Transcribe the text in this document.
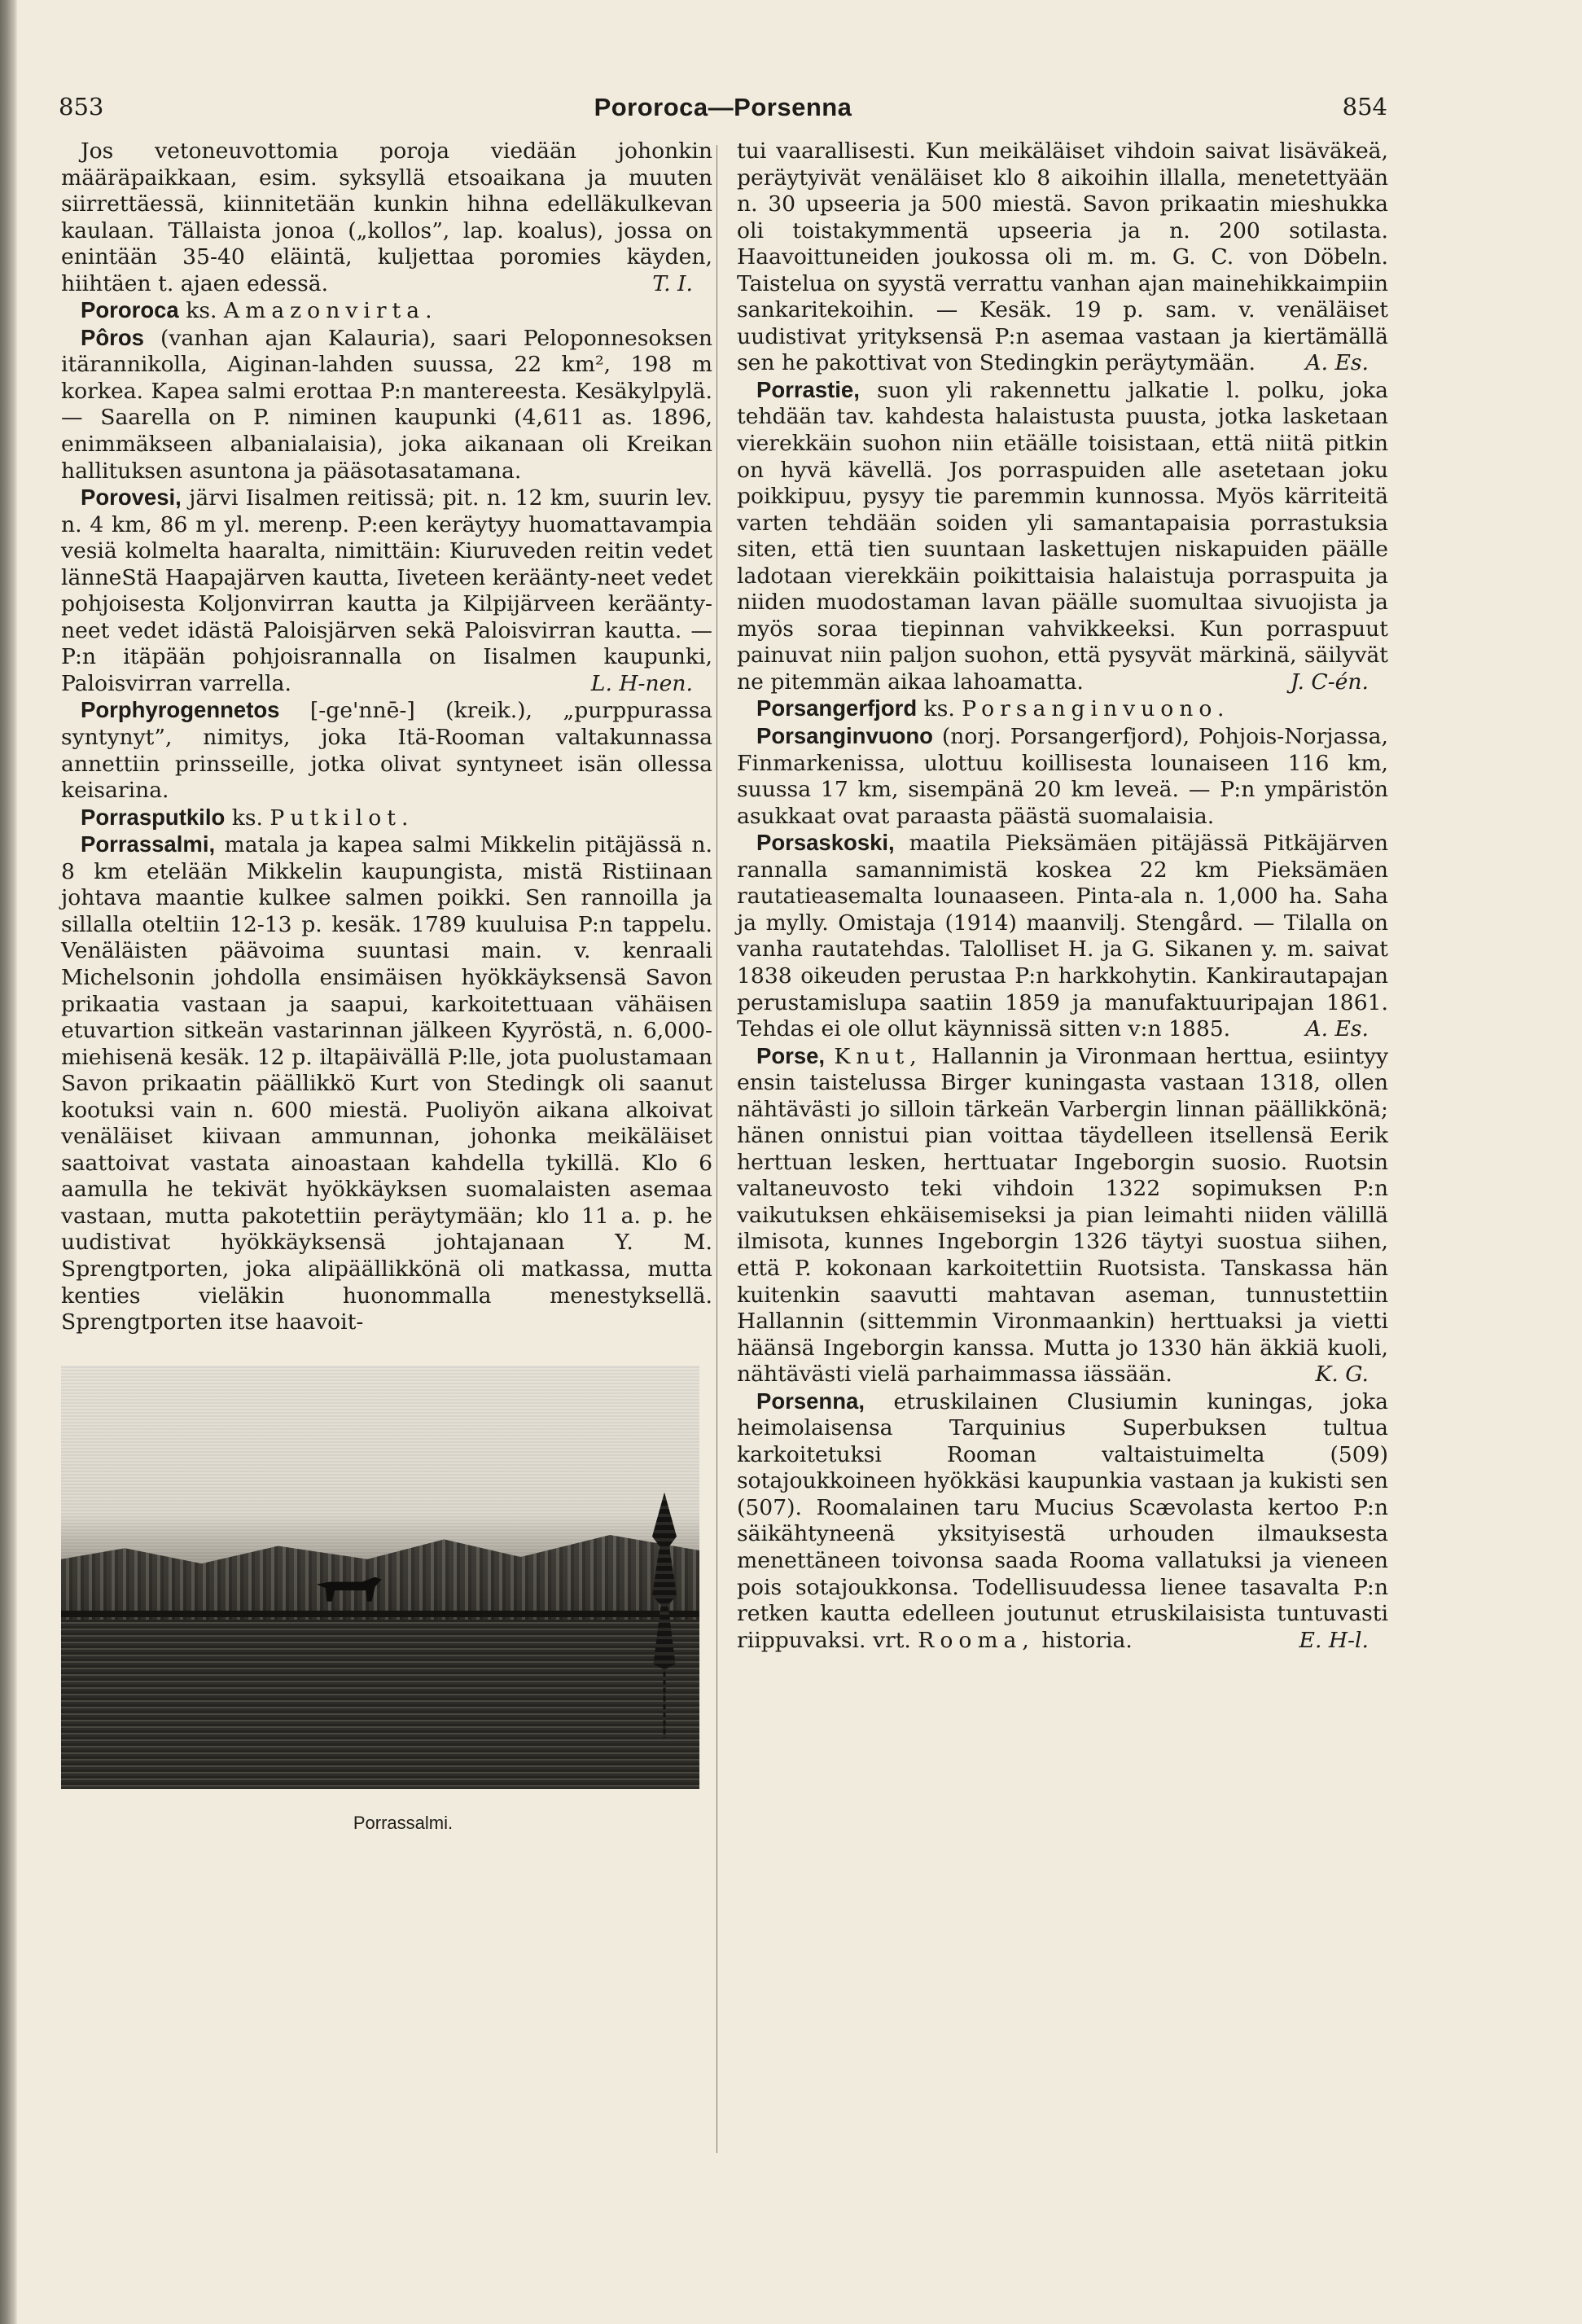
853	Pororoca—Porsenna	854

Jos vetoneuvottomia poroja viedään johonkin määräpaikkaan, esim. syksyllä etsoaikana ja muuten siirrettäessä, kiinnitetään kunkin hihna edelläkulkevan kaulaan. Tällaista jonoa („kollos”, lap. koalus), jossa on enintään 35-40 eläintä, kuljettaa poromies käyden, hiihtäen t. ajaen edessä.	T. I.

Pororoca ks. Amazonvirta.

Pôros (vanhan ajan Kalauria), saari Peloponnesoksen itärannikolla, Aiginan-lahden suussa, 22 km², 198 m korkea. Kapea salmi erottaa P:n mantereesta. Kesäkylpylä. — Saarella on P. niminen kaupunki (4,611 as. 1896, enimmäkseen albanialaisia), joka aikanaan oli Kreikan hallituksen asuntona ja pääsotasatamana.

Porovesi, järvi Iisalmen reitissä; pit. n. 12 km, suurin lev. n. 4 km, 86 m yl. merenp. P:een keräytyy huomattavampia vesiä kolmelta haaralta, nimittäin: Kiuruveden reitin vedet länneStä Haapajärven kautta, Iiveteen keräänty-neet vedet pohjoisesta Koljonvirran kautta ja Kilpijärveen keräänty-neet vedet idästä Paloisjärven sekä Paloisvirran kautta. — P:n itäpään pohjoisrannalla on Iisalmen kaupunki, Paloisvirran varrella.	L. H-nen.

Porphyrogennetos [-ge'nnē-] (kreik.), „purppurassa syntynyt”, nimitys, joka Itä-Rooman valtakunnassa annettiin prinsseille, jotka olivat syntyneet isän ollessa keisarina.

Porrasputkilo ks. Putkilot.

Porrassalmi, matala ja kapea salmi Mikkelin pitäjässä n. 8 km etelään Mikkelin kaupungista, mistä Ristiinaan johtava maantie kulkee salmen poikki. Sen rannoilla ja sillalla oteltiin 12-13 p. kesäk. 1789 kuuluisa P:n tappelu. Venäläisten päävoima suuntasi main. v. kenraali Michelsonin johdolla ensimäisen hyökkäyksensä Savon prikaatia vastaan ja saapui, karkoitettuaan vähäisen etuvartion sitkeän vastarinnan jälkeen Kyyröstä, n. 6,000-miehisenä kesäk. 12 p. iltapäivällä P:lle, jota puolustamaan Savon prikaatin päällikkö Kurt von Stedingk oli saanut kootuksi vain n. 600 miestä. Puoliyön aikana alkoivat venäläiset kiivaan ammunnan, johonka meikäläiset saattoivat vastata ainoastaan kahdella tykillä. Klo 6 aamulla he tekivät hyökkäyksen suomalaisten asemaa vastaan, mutta pakotettiin peräytymään; klo 11 a. p. he uudistivat hyökkäyksensä johtajanaan Y. M. Sprengtporten, joka alipäällikkönä oli matkassa, mutta kenties vieläkin huonommalla menestyksellä. Sprengtporten itse haavoit-

Porrassalmi.

tui vaarallisesti. Kun meikäläiset vihdoin saivat lisäväkeä, peräytyivät venäläiset klo 8 aikoihin illalla, menetettyään n. 30 upseeria ja 500 miestä. Savon prikaatin mieshukka oli toistakymmentä upseeria ja n. 200 sotilasta. Haavoittuneiden joukossa oli m. m. G. C. von Döbeln. Taistelua on syystä verrattu vanhan ajan mainehikkaimpiin sankaritekoihin. — Kesäk. 19 p. sam. v. venäläiset uudistivat yrityksensä P:n asemaa vastaan ja kiertämällä sen he pakottivat von Stedingkin peräytymään. A. Es.

Porrastie, suon yli rakennettu jalkatie l. polku, joka tehdään tav. kahdesta halaistusta puusta, jotka lasketaan vierekkäin suohon niin etäälle toisistaan, että niitä pitkin on hyvä kävellä. Jos porraspuiden alle asetetaan joku poikkipuu, pysyy tie paremmin kunnossa. Myös kärriteitä varten tehdään soiden yli samantapaisia porrastuksia siten, että tien suuntaan laskettujen niskapuiden päälle ladotaan vierekkäin poikittaisia halaistuja porraspuita ja niiden muodostaman lavan päälle suomultaa sivuojista ja myös soraa tiepinnan vahvikkeeksi. Kun porraspuut painuvat niin paljon suohon, että pysyvät märkinä, säilyvät ne pitemmän aikaa lahoamatta.	J. C-én.

Porsangerfjord ks. Porsanginvuono.

Porsanginvuono (norj. Porsangerfjord), Pohjois-Norjassa, Finmarkenissa, ulottuu koillisesta lounaiseen 116 km, suussa 17 km, sisempänä 20 km leveä. — P:n ympäristön asukkaat ovat paraasta päästä suomalaisia.

Porsaskoski, maatila Pieksämäen pitäjässä Pitkäjärven rannalla samannimistä koskea 22 km Pieksämäen rautatieasemalta lounaaseen. Pinta-ala n. 1,000 ha. Saha ja mylly. Omistaja (1914) maanvilj. Stengård. — Tilalla on vanha rautatehdas. Talolliset H. ja G. Sikanen y. m. saivat 1838 oikeuden perustaa P:n harkkohytin. Kankirautapajan perustamislupa saatiin 1859 ja manufaktuuripajan 1861. Tehdas ei ole ollut käynnissä sitten v:n 1885.	A. Es.

Porse, Knut, Hallannin ja Vironmaan herttua, esiintyy ensin taistelussa Birger kuningasta vastaan 1318, ollen nähtävästi jo silloin tärkeän Varbergin linnan päällikkönä; hänen onnistui pian voittaa täydelleen itsellensä Eerik herttuan lesken, herttuatar Ingeborgin suosio. Ruotsin valtaneuvosto teki vihdoin 1322 sopimuksen P:n vaikutuksen ehkäisemiseksi ja pian leimahti niiden välillä ilmisota, kunnes Ingeborgin 1326 täytyi suostua siihen, että P. kokonaan karkoitettiin Ruotsista. Tanskassa hän kuitenkin saavutti mahtavan aseman, tunnustettiin Hallannin (sittemmin Vironmaankin) herttuaksi ja vietti häänsä Ingeborgin kanssa. Mutta jo 1330 hän äkkiä kuoli, nähtävästi vielä parhaimmassa iässään.	K. G.

Porsenna, etruskilainen Clusiumin kuningas, joka heimolaisensa Tarquinius Superbuksen tultua karkoitetuksi Rooman valtaistuimelta (509) sotajoukkoineen hyökkäsi kaupunkia vastaan ja kukisti sen (507). Roomalainen taru Mucius Scævolasta kertoo P:n säikähtyneenä yksityisestä urhouden ilmauksesta menettäneen toivonsa saada Rooma vallatuksi ja vieneen pois sotajoukkonsa. Todellisuudessa lienee tasavalta P:n retken kautta edelleen joutunut etruskilaisista tuntuvasti riippuvaksi. vrt. Rooma, historia.	E. H-l.
